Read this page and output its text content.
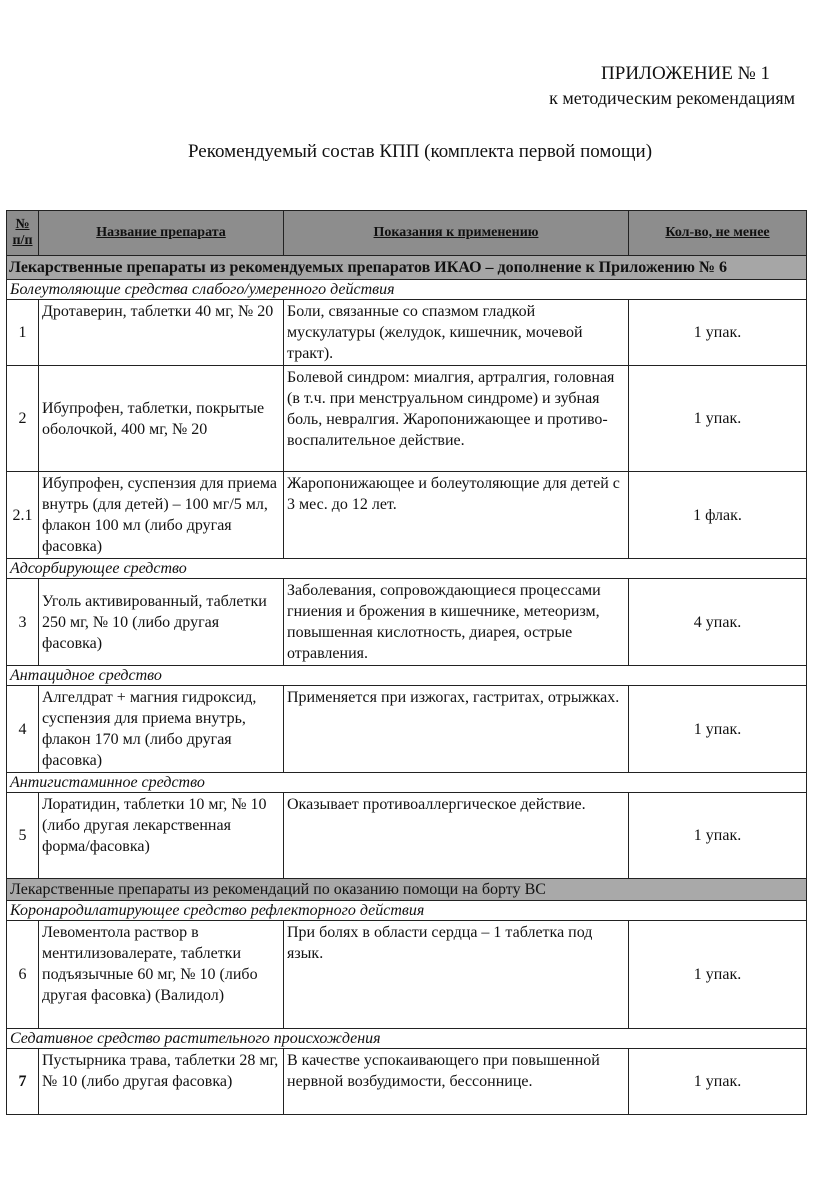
ПРИЛОЖЕНИЕ № 1
к методическим рекомендациям
Рекомендуемый состав КПП (комплекта первой помощи)
№ п/п	Название препарата	Показания к применению	Кол-во, не менее
Лекарственные препараты из рекомендуемых препаратов ИКАО – дополнение к Приложению № 6			
Болеутоляющие средства слабого/умеренного действия			
1	Дротаверин, таблетки 40 мг, № 20	Боли, связанные со спазмом гладкой мускулатуры (желудок, кишечник, мочевой тракт).	1 упак.
2	Ибупрофен, таблетки, покрытые оболочкой, 400 мг, № 20	Болевой синдром: миалгия, артралгия, головная (в т.ч. при менструальном синдроме) и зубная боль, невралгия. Жаропонижающее и противо-воспалительное действие.	1 упак.
2.1	Ибупрофен, суспензия для приема внутрь (для детей) – 100 мг/5 мл, флакон 100 мл (либо другая фасовка)	Жаропонижающее и болеутоляющие для детей с 3 мес. до 12 лет.	1 флак.
Адсорбирующее средство			
3	Уголь активированный, таблетки 250 мг, № 10 (либо другая фасовка)	Заболевания, сопровождающиеся процессами гниения и брожения в кишечнике, метеоризм, повышенная кислотность, диарея, острые отравления.	4 упак.
Антацидное средство			
4	Алгелдрат + магния гидроксид, суспензия для приема внутрь, флакон 170 мл (либо другая фасовка)	Применяется при изжогах, гастритах, отрыжках.	1 упак.
Антигистаминное средство			
5	Лоратидин, таблетки 10 мг, № 10 (либо другая лекарственная форма/фасовка)	Оказывает противоаллергическое действие.	1 упак.
Лекарственные препараты из рекомендаций по оказанию помощи на борту ВС			
Коронародилатирующее средство рефлекторного действия			
6	Левоментола раствор в ментилизовалерате, таблетки подъязычные 60 мг, № 10 (либо другая фасовка) (Валидол)	При болях в области сердца – 1 таблетка под язык.	1 упак.
Седативное средство растительного происхождения			
7	Пустырника трава, таблетки 28 мг, № 10 (либо другая фасовка)	В качестве успокаивающего при повышенной нервной возбудимости, бессоннице.	1 упак.
